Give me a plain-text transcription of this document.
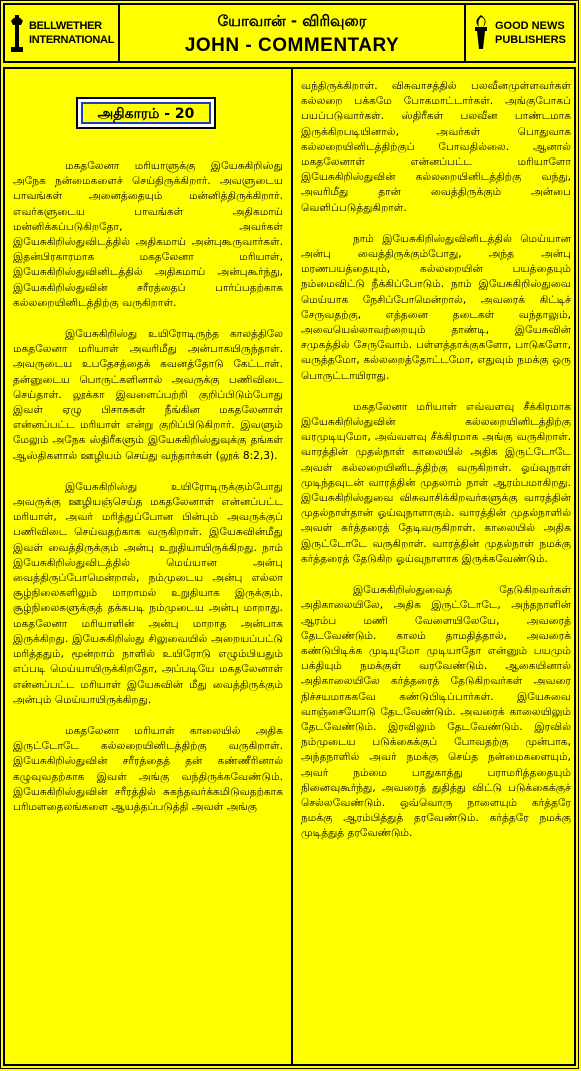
BELLWETHER
INTERNATIONAL
யோவான் - விரிவுரை
JOHN - COMMENTARY
GOOD NEWS
PUBLISHERS
அதிகாரம் - 20

மகதலேனா மரியாளுக்கு இயேசுகிறிஸ்து அநேக நன்மைகளைச் செய்திருக்கிறார். அவளுடைய பாவங்கள் அனைத்தையும் மன்னித்திருக்கிறார். எவர்களுடைய பாவங்கள் அதிகமாய் மன்னிக்கப்படுகிறதோ, அவர்கள் இயேசுகிறிஸ்துவிடத்தில் அதிகமாய் அன்புகூருவார்கள். இதன்பிரகாரமாக மகதலேனா மரியாள், இயேசுகிறிஸ்துவினிடத்தில் அதிகமாய் அன்புகூர்ந்து, இயேசுகிறிஸ்துவின் சரீரத்தைப் பார்ப்பதற்காக கல்லறையினிடத்திற்கு வருகிறாள்.

இயேசுகிறிஸ்து உயிரோடிருந்த காலத்திலே மகதலேனா மரியாள் அவரிமீது அன்பாகயிருந்தாள். அவருடைய உபதேசத்தைக் கவனத்தோடு கேட்டாள். தன்னுடைய பொருட்களினால் அவருக்கு பணிவிடை செய்தாள். லூக்கா இவளைப்பற்றி குறிப்பிடும்போது இவள் ஏழு பிசாசுகள் நீங்கின மகதலேனாள் என்னப்பட்ட மரியாள் என்று குறிப்பிடுகிறார். இவளும் மேலும் அநேக ஸ்திரீகளும் இயேசுகிறிஸ்துவுக்கு தங்கள் ஆஸ்திகளால் ஊழியம் செய்து வந்தார்கள் (லூக் 8:2,3).

இயேசுகிறிஸ்து உயிரோடிருக்கும்போது அவருக்கு ஊழியஞ்செய்த மகதலேனாள் என்னப்பட்ட மரியாள், அவர் மரித்துப்போன பின்பும் அவருக்குப் பணிவிடை செய்வதற்காக வருகிறாள். இயேசுவின்மீது இவள் வைத்திருக்கும் அன்பு உறுதியாயிருக்கிறது. நாம் இயேசுகிறிஸ்துவிடத்தில் மெய்யான அன்பு வைத்திருப்போமென்றால், நம்முடைய அன்பு எல்லா சூழ்நிலைகளிலும் மாறாமல் உறுதியாக இருக்கும். சூழ்நிலைகளுக்குத் தக்கபடி நம்முடைய அன்பு மாறாது. மகதலேனா மரியாளின் அன்பு மாறாத அன்பாக இருக்கிறது. இயேசுகிறிஸ்து சிலுவையில் அறையப்பட்டு மரித்ததும், மூன்றாம் நாளில் உயிரோடு எழும்பியதும் எப்படி மெய்யாயிருக்கிறதோ, அப்படியே மகதலேனாள் என்னப்பட்ட மரியாள் இயேசுவின் மீது வைத்திருக்கும் அன்பும் மெய்யாயிருக்கிறது.

மகதலேனா மரியாள் காலையில் அதிக இருட்டோடே கல்லறையினிடத்திற்கு வருகிறாள். இயேசுகிறிஸ்துவின் சரீரத்தைத் தன் கண்ணீரினால் கழுவுவதற்காக இவள் அங்கு வந்திருக்கவேண்டும். இயேசுகிறிஸ்துவின் சரீரத்தில் சுகந்தவர்க்கமிடுவதற்காக பரிமளதைலங்களை ஆயத்தப்படுத்தி அவள் அங்கு

வந்திருக்கிறாள். விசுவாசத்தில் பலவீனமுள்ளவர்கள் கல்லறை பக்கமே போகமாட்டார்கள். அங்குபோகப் பயப்படுவார்கள். ஸ்திரீகள் பலவீன பாண்டமாக இருக்கிறபடியினால், அவர்கள் பொதுவாக கல்லறையினிடத்திற்குப் போவதில்லை. ஆனால் மகதலேனாள் என்னப்பட்ட மரியாளோ இயேசுகிறிஸ்துவின் கல்லறையினிடத்திற்கு வந்து, அவரிமீது தான் வைத்திருக்கும் அன்பை வெளிப்படுத்துகிறாள்.

நாம் இயேசுகிறிஸ்துவினிடத்தில் மெய்யான அன்பு வைத்திருக்கும்போது, அந்த அன்பு மரணபயத்தையும், கல்லறையின் பயத்தையும் நம்மைவிட்டு நீக்கிப்போடும். நாம் இயேசுகிறிஸ்துவை மெய்யாக நேசிப்போமென்றால், அவரைக் கிட்டிச் சேருவதற்கு, எத்தனை தடைகள் வந்தாலும், அவையெல்லாவற்றையும் தாண்டி, இயேசுவின் சமுகத்தில் சேருவோம். பள்ளத்தாக்குகளோ, பாடுகளோ, வருத்தமோ, கல்லறைத்தோட்டமோ, எதுவும் நமக்கு ஒரு பொருட்டாயிராது.

மகதலேனா மரியாள் எவ்வளவு சீக்கிரமாக இயேசுகிறிஸ்துவின் கல்லறையினிடத்திற்கு வரமுடியுமோ, அவ்வளவு சீக்கிரமாக அங்கு வருகிறாள். வாரத்தின் முதல்நாள் காலையில் அதிக இருட்டோடே அவள் கல்லறையினிடத்திற்கு வருகிறாள். ஓய்வுநாள் முடிந்தவுடன் வாரத்தின் முதலாம் நாள் ஆரம்பமாகிறது. இயேசுகிறிஸ்துவை விசுவாசிக்கிறவர்களுக்கு வாரத்தின் முதல்நாள்தான் ஓய்வுநாளாகும். வாரத்தின் முதல்நாளில் அவள் கர்த்தரைத் தேடிவருகிறாள். காலையில் அதிக இருட்டோடே வருகிறாள். வாரத்தின் முதல்நாள் நமக்கு கர்த்தரைத் தேடுகிற ஓய்வுநாளாக இருக்கவேண்டும்.

இயேசுகிறிஸ்துவைத் தேடுகிறவர்கள் அதிகாலையிலே, அதிக இருட்டோடே, அந்தநாளின் ஆரம்ப மணி வேளையிலேயே, அவரைத் தேடவேண்டும். காலம் தாமதித்தால், அவரைக் கண்டுபிடிக்க முடியுமோ முடியாதோ என்னும் பயமும் பக்தியும் நமக்குள் வரவேண்டும். ஆகையினால் அதிகாலையிலே கர்த்தரைத் தேடுகிறவர்கள் அவரை நிச்சயமாககவே கண்டுபிடிப்பார்கள். இயேசுவை வாஞ்சையோடு தேடவேண்டும். அவரைக் காலையிலும் தேடவேண்டும். இரவிலும் தேடவேண்டும். இரவில் நம்முடைய படுக்கைக்குப் போவதற்கு முன்பாக, அந்தநாளில் அவர் நமக்கு செய்த நன்மைகளையும், அவர் நம்மை பாதுகாத்து பராமரித்ததையும் நினைவுகூர்ந்து, அவரைத் துதித்து விட்டு படுக்கைக்குச் செல்லவேண்டும். ஒவ்வொரு நாளையும் கர்த்தரே நமக்கு ஆரம்பித்துத் தரவேண்டும். கர்த்தரே நமக்கு முடித்துத் தரவேண்டும்.
